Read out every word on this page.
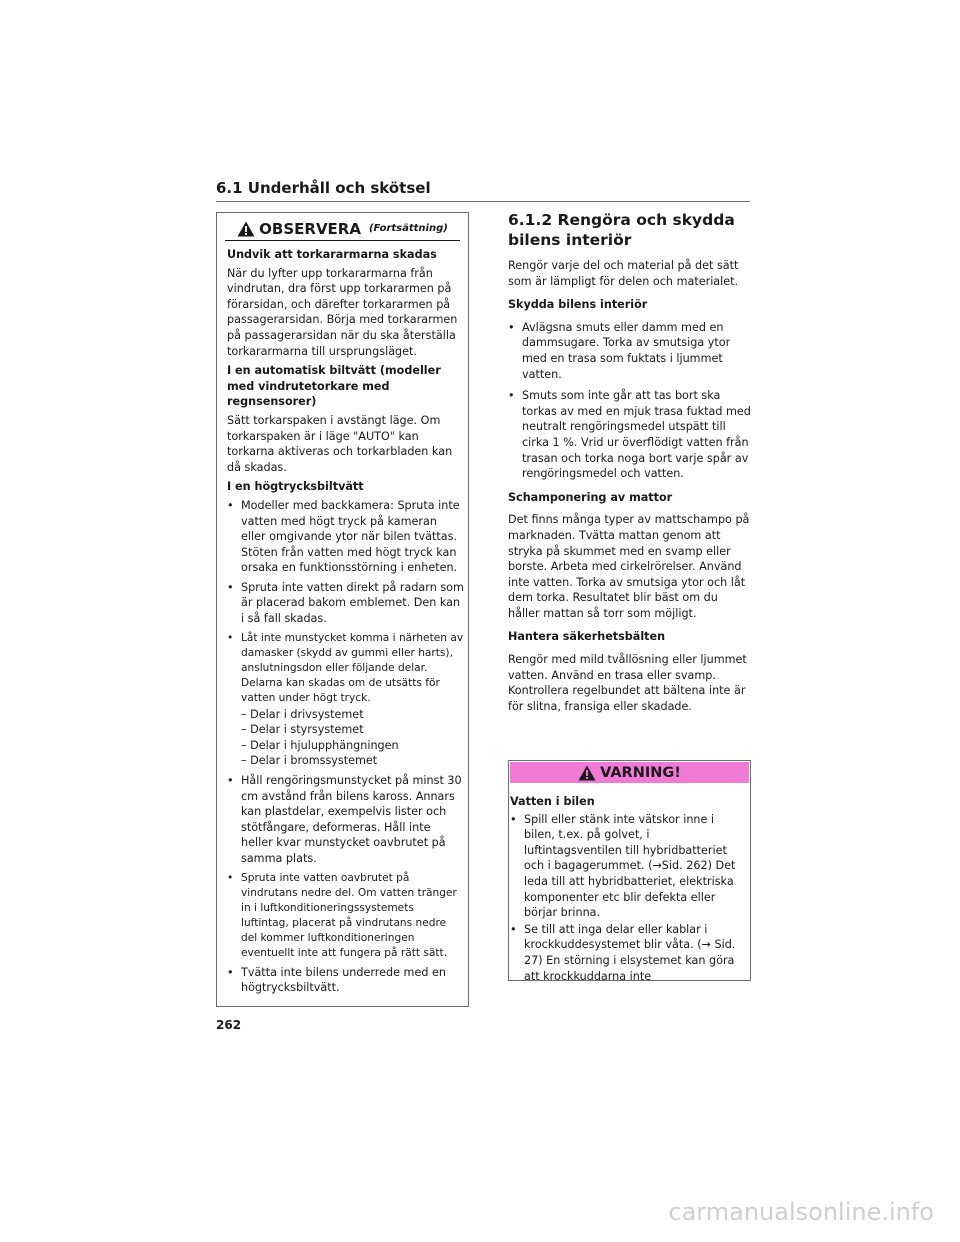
6.1 Underhåll och skötsel
OBSERVERA (Fortsättning)
Undvik att torkararmarna skadas

När du lyfter upp torkararmarna från vindrutan, dra först upp torkararmen på förarsidan, och därefter torkararmen på passagerarsidan. Börja med torkararmen på passagerarsidan när du ska återställa torkararmarna till ursprungsläget.

I en automatisk biltvätt (modeller med vindrutetorkare med regnsensorer)

Sätt torkarspaken i avstängt läge. Om torkarspaken är i läge "AUTO" kan torkarna aktiveras och torkarbladen kan då skadas.

I en högtrycksbiltvätt
• Modeller med backkamera: Spruta inte vatten med högt tryck på kameran eller omgivande ytor när bilen tvättas. Stöten från vatten med högt tryck kan orsaka en funktionsstörning i enheten.
• Spruta inte vatten direkt på radarn som är placerad bakom emblemet. Den kan i så fall skadas.
• Låt inte munstycket komma i närheten av damasker (skydd av gummi eller harts), anslutningsdon eller följande delar. Delarna kan skadas om de utsätts för vatten under högt tryck.
– Delar i drivsystemet
– Delar i styrsystemet
– Delar i hjulupphängningen
– Delar i bromssystemet
• Håll rengöringsmunstycket på minst 30 cm avstånd från bilens kaross. Annars kan plastdelar, exempelvis lister och stötfångare, deformeras. Håll inte heller kvar munstycket oavbrutet på samma plats.
• Spruta inte vatten oavbrutet på vindrutans nedre del. Om vatten tränger in i luftkonditioneringssystemets luftintag, placerat på vindrutans nedre del kommer luftkonditioneringen eventuellt inte att fungera på rätt sätt.
• Tvätta inte bilens underrede med en högtrycksbiltvätt.
6.1.2 Rengöra och skydda bilens interiör

Rengör varje del och material på det sätt som är lämpligt för delen och materialet.

Skydda bilens interiör
• Avlägsna smuts eller damm med en dammsugare. Torka av smutsiga ytor med en trasa som fuktats i ljummet vatten.
• Smuts som inte går att tas bort ska torkas av med en mjuk trasa fuktad med neutralt rengöringsmedel utspätt till cirka 1 %. Vrid ur överflödigt vatten från trasan och torka noga bort varje spår av rengöringsmedel och vatten.
Schamponering av mattor

Det finns många typer av mattschampo på marknaden. Tvätta mattan genom att stryka på skummet med en svamp eller borste. Arbeta med cirkelrörelser. Använd inte vatten. Torka av smutsiga ytor och låt dem torka. Resultatet blir bäst om du håller mattan så torr som möjligt.

Hantera säkerhetsbälten

Rengör med mild tvållösning eller ljummet vatten. Använd en trasa eller svamp. Kontrollera regelbundet att bältena inte är för slitna, fransiga eller skadade.

VARNING!
Vatten i bilen
• Spill eller stänk inte vätskor inne i bilen, t.ex. på golvet, i luftintagsventilen till hybridbatteriet och i bagagerummet. (→Sid. 262) Det leda till att hybridbatteriet, elektriska komponenter etc blir defekta eller börjar brinna.
• Se till att inga delar eller kablar i krockkuddesystemet blir våta. (→ Sid. 27) En störning i elsystemet kan göra att krockkuddarna inte
262
carmanualsonline.info
